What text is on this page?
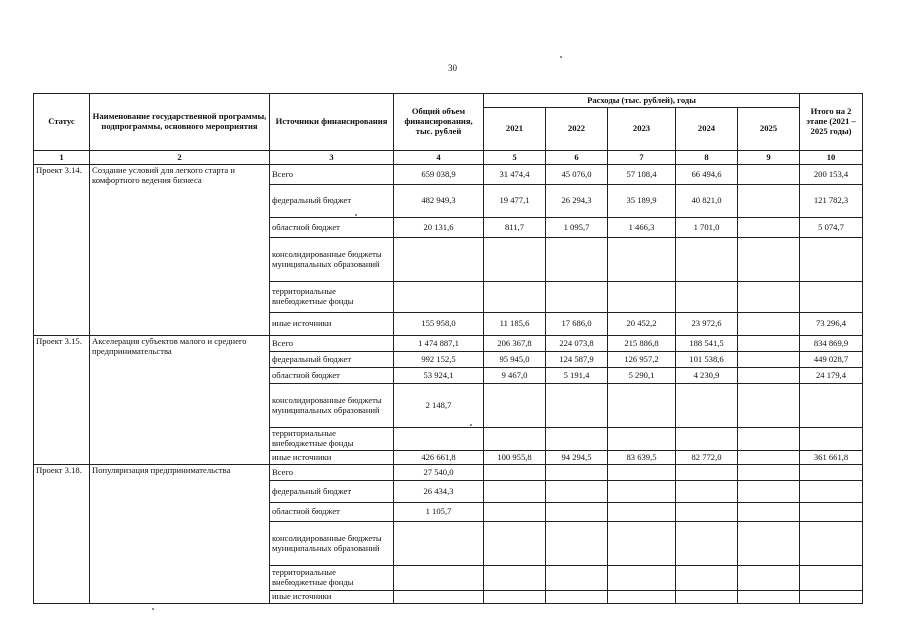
30
Статус	Наименование государственной программы, подпрограммы, основного мероприятия	Источники финансирования	Общий объем финансирования, тыс. рублей	Расходы (тыс. рублей), годы					Итого на 2 этапе (2021 – 2025 годы)
				2021	2022	2023	2024	2025	
1	2	3	4	5	6	7	8	9	10
Проект 3.14.	Создание условий для легкого старта и комфортного ведения бизнеса	Всего	659 038,9	31 474,4	45 076,0	57 108,4	66 494,6		200 153,4
		федеральный бюджет	482 949,3	19 477,1	26 294,3	35 189,9	40 821,0		121 782,3
		областной бюджет	20 131,6	811,7	1 095,7	1 466,3	1 701,0		5 074,7
		консолидированные бюджеты муниципальных образований							
		территориальные внебюджетные фонды							
		иные источники	155 958,0	11 185,6	17 686,0	20 452,2	23 972,6		73 296,4
Проект 3.15.	Акселерация субъектов малого и среднего предпринимательства	Всего	1 474 887,1	206 367,8	224 073,8	215 886,8	188 541,5		834 869,9
		федеральный бюджет	992 152,5	95 945,0	124 587,9	126 957,2	101 538,6		449 028,7
		областной бюджет	53 924,1	9 467,0	5 191,4	5 290,1	4 230,9		24 179,4
		консолидированные бюджеты муниципальных образований	2 148,7						
		территориальные внебюджетные фонды							
		иные источники	426 661,8	100 955,8	94 294,5	83 639,5	82 772,0		361 661,8
Проект 3.18.	Популяризация предпринимательства	Всего	27 540,0						
		федеральный бюджет	26 434,3						
		областной бюджет	1 105,7						
		консолидированные бюджеты муниципальных образований							
		территориальные внебюджетные фонды							
		иные источники							
